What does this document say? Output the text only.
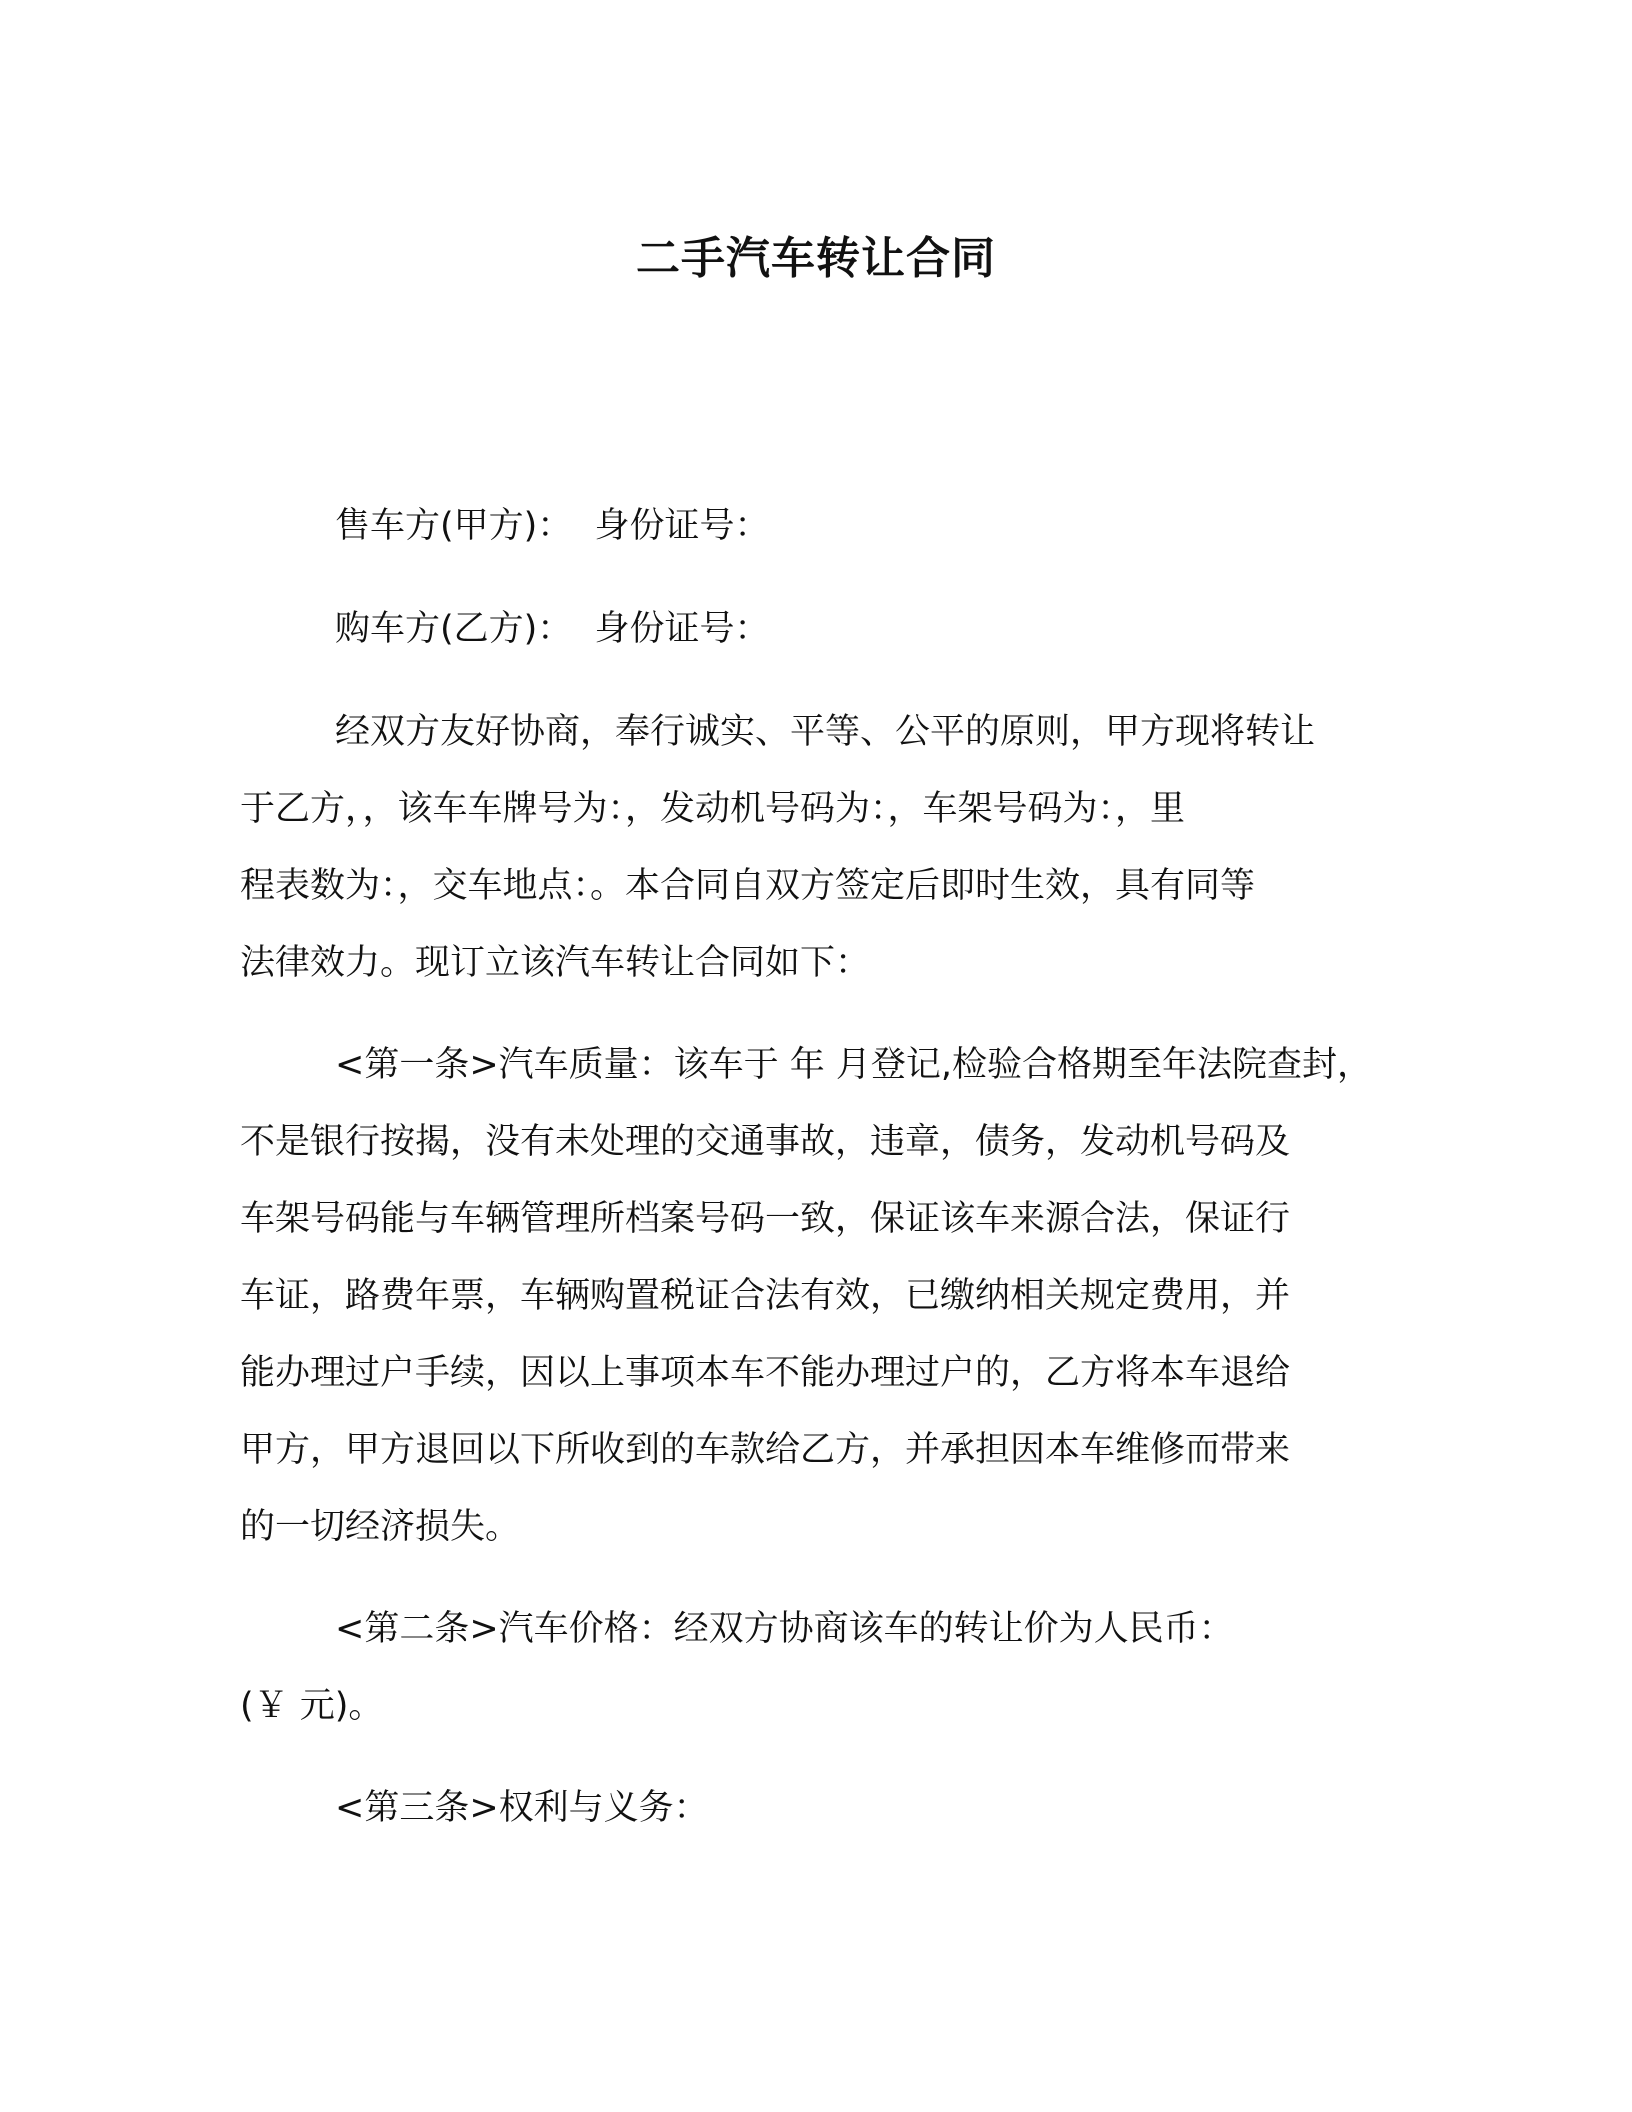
二手汽车转让合同

售车方(甲方)：  身份证号：

购车方(乙方)：  身份证号：

经双方友好协商，奉行诚实、平等、公平的原则，甲方现将转让
于乙方，，该车车牌号为：，发动机号码为：，车架号码为：，里
程表数为：，交车地点：。本合同自双方签定后即时生效，具有同等
法律效力。现订立该汽车转让合同如下：
<第一条>汽车质量：该车于 年 月登记,检验合格期至年法院查封，
不是银行按揭，没有未处理的交通事故，违章，债务，发动机号码及
车架号码能与车辆管理所档案号码一致，保证该车来源合法，保证行
车证，路费年票，车辆购置税证合法有效，已缴纳相关规定费用，并
能办理过户手续，因以上事项本车不能办理过户的，乙方将本车退给
甲方，甲方退回以下所收到的车款给乙方，并承担因本车维修而带来
的一切经济损失。
<第二条>汽车价格：经双方协商该车的转让价为人民币：
(￥ 元)。

<第三条>权利与义务：
